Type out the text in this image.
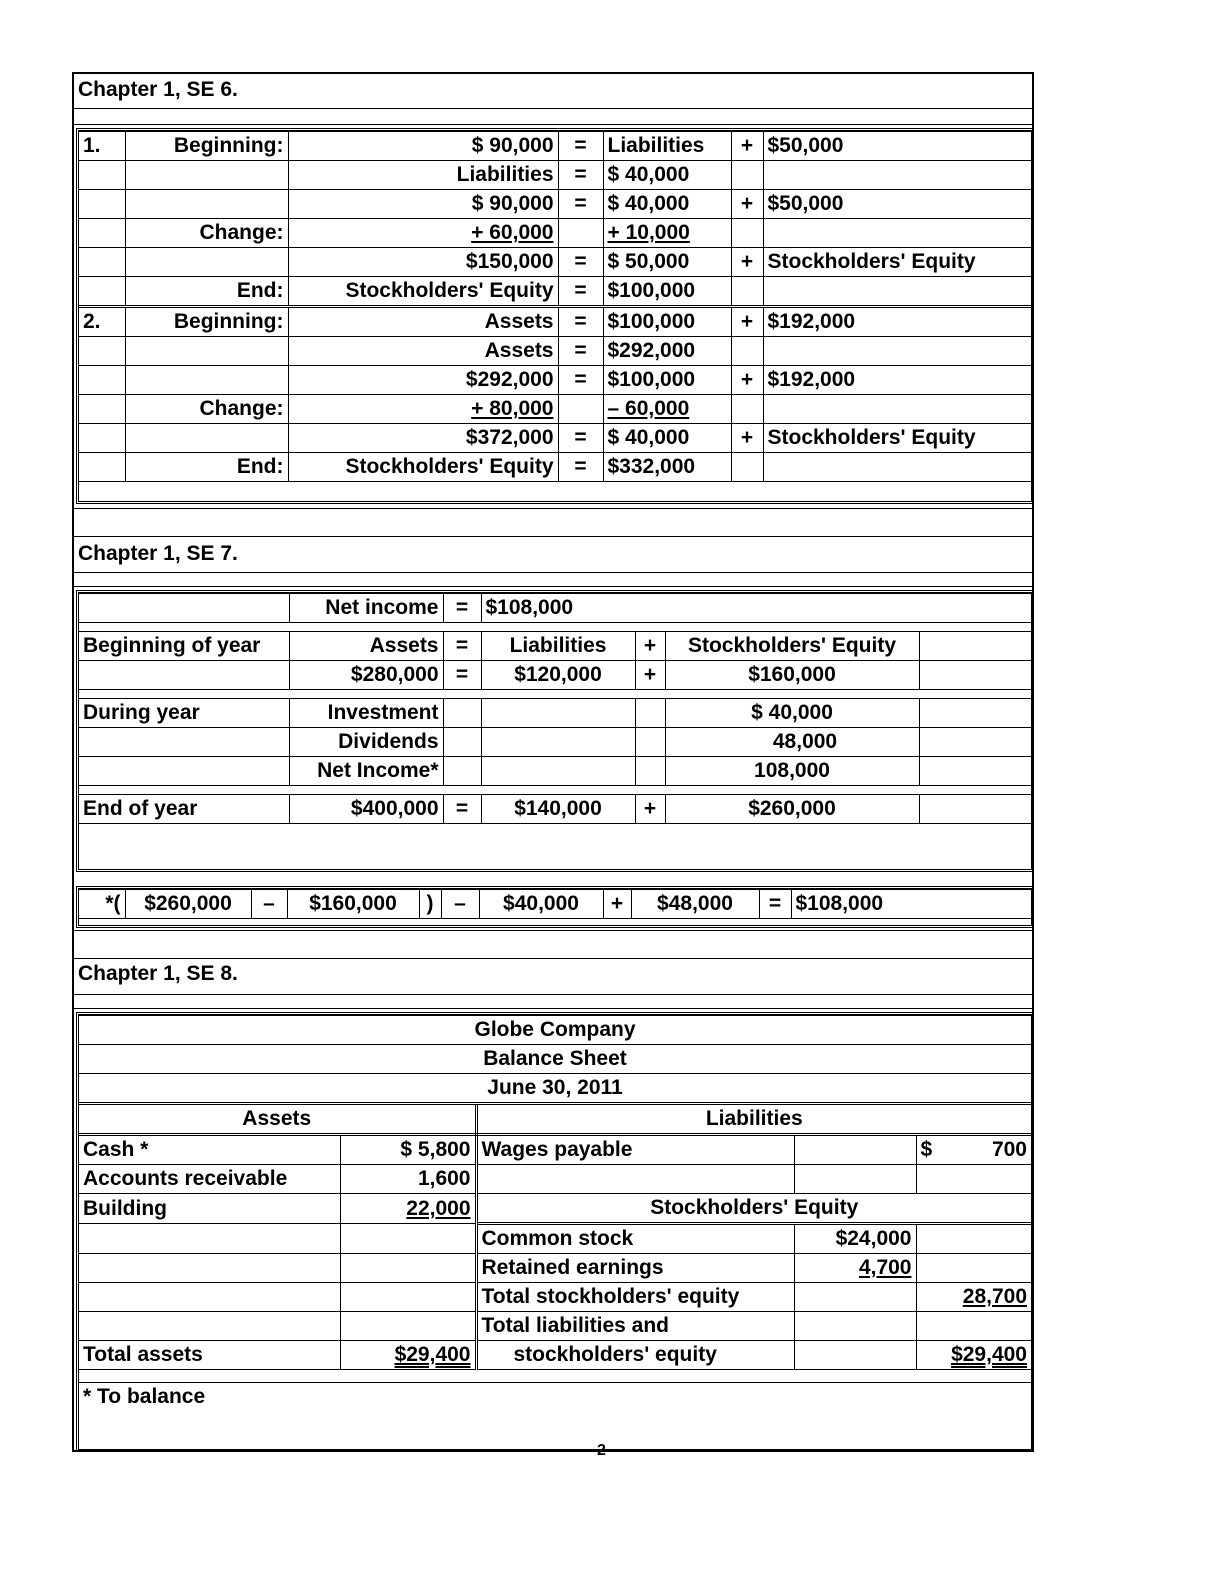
Chapter 1, SE 6.
1.	Beginning:	$ 90,000	=	Liabilities	+	$50,000
		Liabilities	=	$ 40,000		
		$ 90,000	=	$ 40,000	+	$50,000
	Change:	+ 60,000		+ 10,000		
		$150,000	=	$ 50,000	+	Stockholders' Equity
	End:	Stockholders' Equity	=	$100,000		
2.	Beginning:	Assets	=	$100,000	+	$192,000
		Assets	=	$292,000		
		$292,000	=	$100,000	+	$192,000
	Change:	+ 80,000		– 60,000		
		$372,000	=	$ 40,000	+	Stockholders' Equity
	End:	Stockholders' Equity	=	$332,000		
Chapter 1, SE 7.
	Net income	=	$108,000			

Beginning of year	Assets	=	Liabilities	+	Stockholders' Equity	
	$280,000	=	$120,000	+	$160,000	

During year	Investment				$ 40,000	
	Dividends				48,000	
	Net Income*				108,000	

End of year	$400,000	=	$140,000	+	$260,000	
*(	$260,000	–	$160,000	)	–	$40,000	+	$48,000	=	$108,000
Chapter 1, SE 8.
Globe Company				
Balance Sheet				
June 30, 2011				
Assets		Liabilities		
Cash *	$ 5,800	Wages payable		$ 700
Accounts receivable	1,600			
Building	22,000	Stockholders' Equity		
		Common stock	$24,000	
		Retained earnings	4,700	
		Total stockholders' equity		28,700
		Total liabilities and		
Total assets	$29,400	stockholders' equity		$29,400

* To balance				
2
